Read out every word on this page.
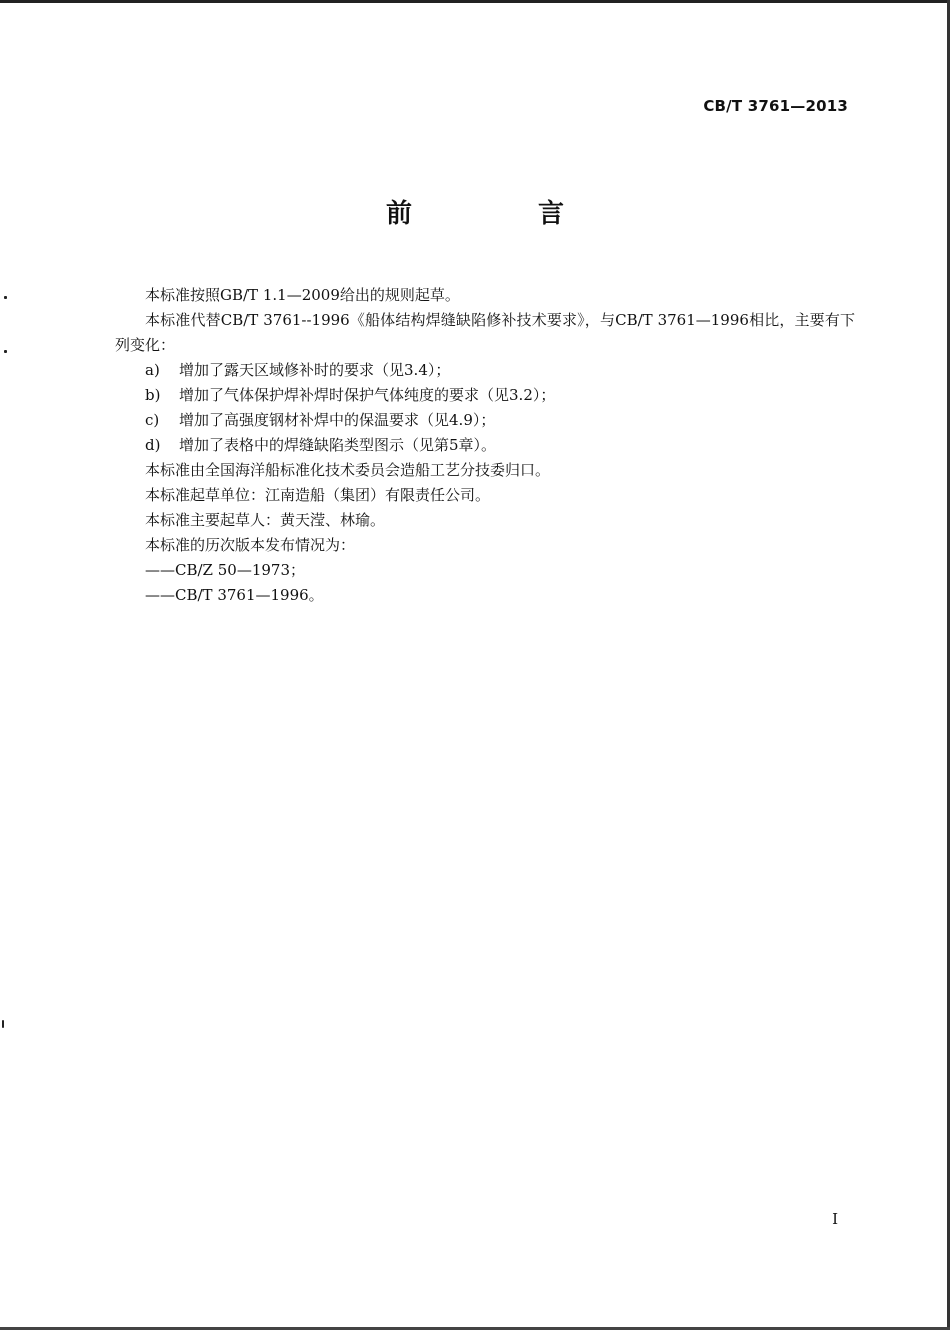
CB/T 3761—2013
前　言

本标准按照GB/T 1.1—2009给出的规则起草。

本标准代替CB/T 3761--1996《船体结构焊缝缺陷修补技术要求》，与CB/T 3761—1996相比，主要有下列变化：

a)	增加了露天区域修补时的要求（见3.4）；
b)	增加了气体保护焊补焊时保护气体纯度的要求（见3.2）；
c)	增加了高强度钢材补焊中的保温要求（见4.9）；
d)	增加了表格中的焊缝缺陷类型图示（见第5章）。

本标准由全国海洋船标准化技术委员会造船工艺分技委归口。

本标准起草单位：江南造船（集团）有限责任公司。

本标准主要起草人：黄天滢、林瑜。

本标准的历次版本发布情况为：

——CB/Z 50—1973；

——CB/T 3761—1996。

I
